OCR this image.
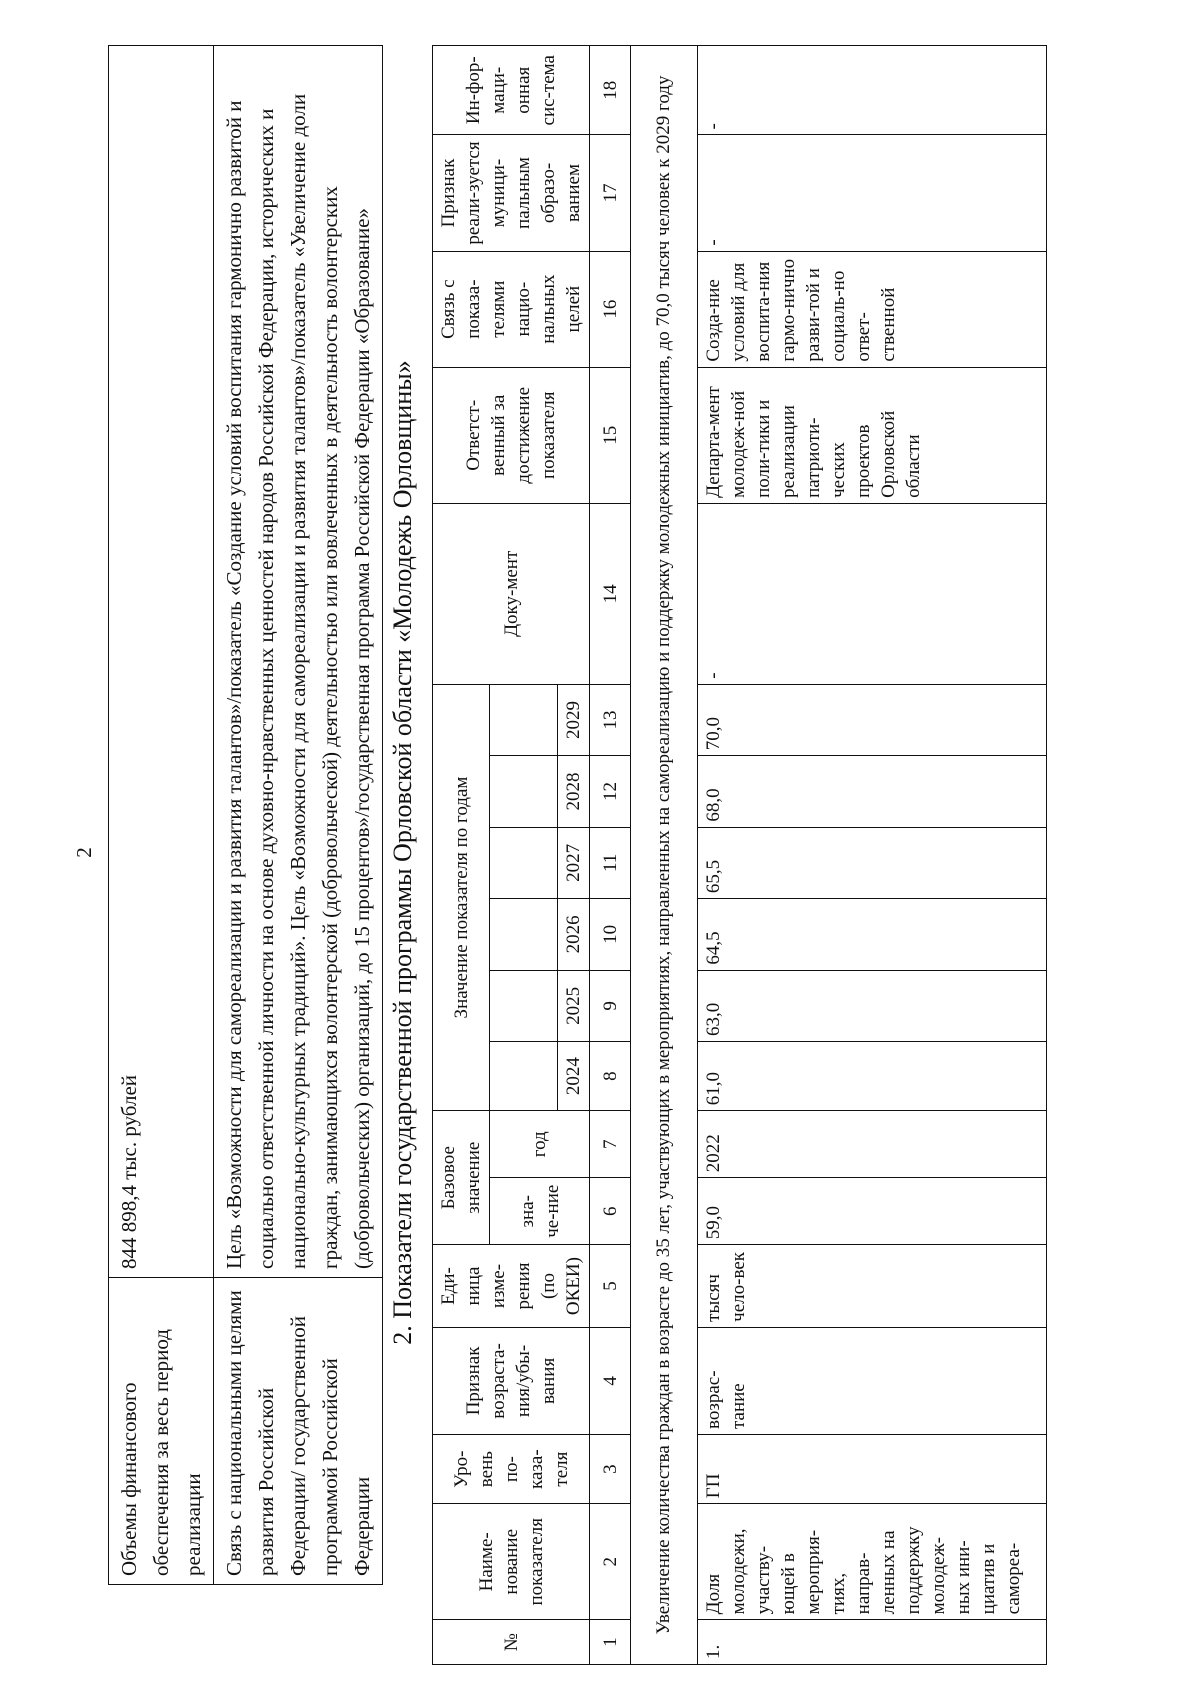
2
Объемы финансового обеспечения за весь период реализации	844 898,4 тыс. рублей
Связь с национальными целями развития Российской Федерации/ государственной программой Российской Федерации	Цель «Возможности для самореализации и развития талантов»/показатель «Создание условий воспитания гармонично развитой и социально ответственной личности на основе духовно-нравственных ценностей народов Российской Федерации, исторических и национально-культурных традиций». Цель «Возможности для самореализации и развития талантов»/показатель «Увеличение доли граждан, занимающихся волонтерской (добровольческой) деятельностью или вовлеченных в деятельность волонтерских (добровольческих) организаций, до 15 процентов»/государственная программа Российской Федерации «Образование» 2. Показатели государственной программы Орловской области «Молодежь Орловщины»
№	Наиме-нование показателя	Уро-вень по-каза-теля	Признак возраста-ния/убы-вания	Еди-ница изме-рения (по ОКЕИ)	Базовое значение		Значение показателя по годам						Доку-мент	Ответст-венный за достижение показателя	Связь с показа-телями нацио-нальных целей	Признак реали-зуется муници-пальным образо-ванием	Ин-фор-маци-онная сис-тема
					зна-че-ние	год											
							2024	2025	2026	2027	2028	2029					
1	2	3	4	5	6	7	8	9	10	11	12	13	14	15	16	17	18
Увеличение количества граждан в возрасте до 35 лет, участвующих в мероприятиях, направленных на самореализацию и поддержку молодежных инициатив, до 70,0 тысяч человек к 2029 году																	
1.	Доля молодежи, участву-ющей в мероприя-тиях, направ-ленных на поддержку молодеж-ных ини-циатив и самореа-	ГП	возрас-тание	тысяч чело-век	59,0	2022	61,0	63,0	64,5	65,5	68,0	70,0	-	Департа-мент молодеж-ной поли-тики и реализации патриоти-ческих проектов Орловской области	Созда-ние условий для воспита-ния гармо-нично разви-той и социаль-но ответ-ственной	-	-
